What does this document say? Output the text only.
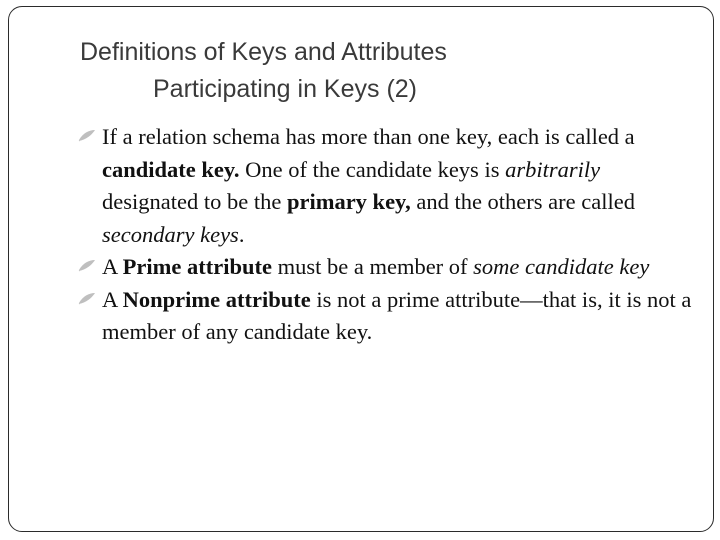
Definitions of Keys and Attributes
Participating in Keys (2)
If a relation schema has more than one key, each is called a candidate key. One of the candidate keys is arbitrarily designated to be the primary key, and the others are called secondary keys.
A Prime attribute must be a member of some candidate key
A Nonprime attribute is not a prime attribute—that is, it is not a member of any candidate key.
